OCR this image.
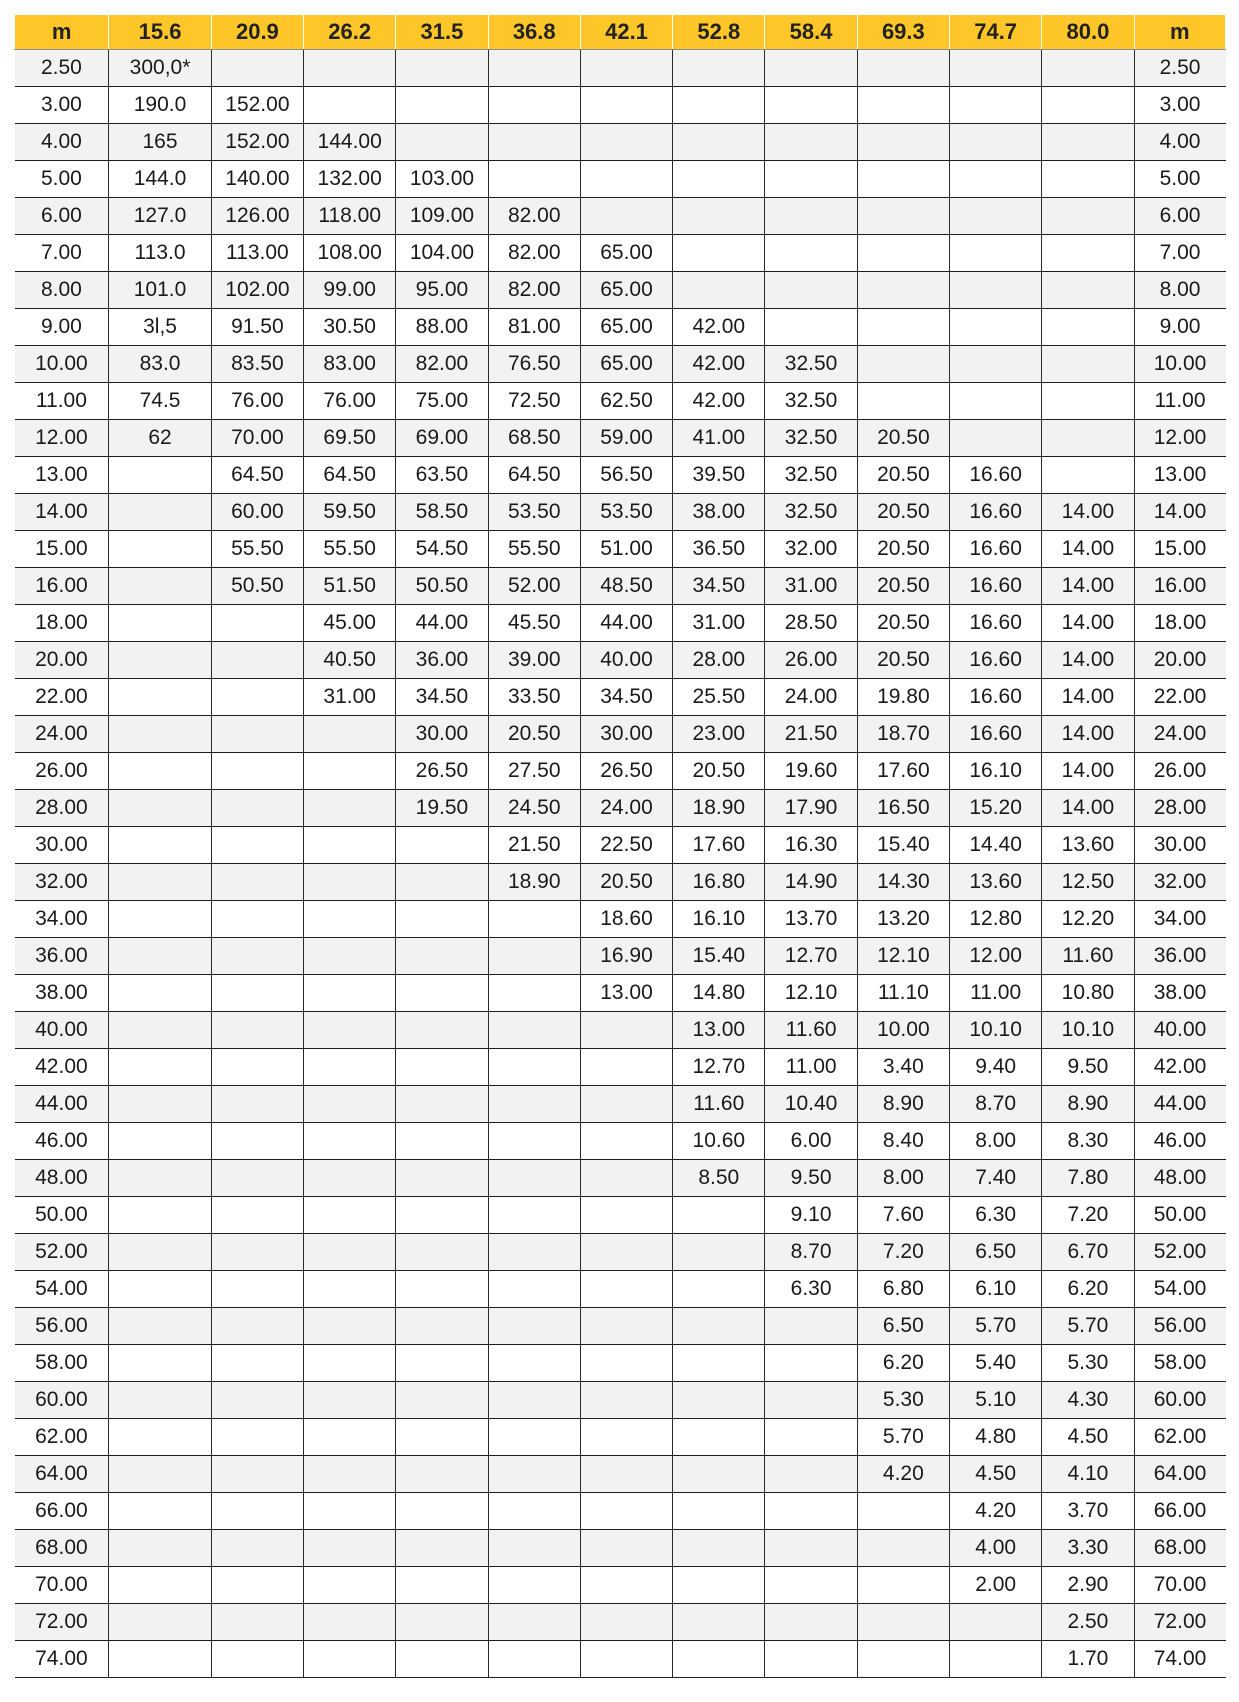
m	15.6	20.9	26.2	31.5	36.8	42.1	52.8	58.4	69.3	74.7	80.0	m
2.50	300,0*											2.50
3.00	190.0	152.00										3.00
4.00	165	152.00	144.00									4.00
5.00	144.0	140.00	132.00	103.00								5.00
6.00	127.0	126.00	118.00	109.00	82.00							6.00
7.00	113.0	113.00	108.00	104.00	82.00	65.00						7.00
8.00	101.0	102.00	99.00	95.00	82.00	65.00						8.00
9.00	3l,5	91.50	30.50	88.00	81.00	65.00	42.00					9.00
10.00	83.0	83.50	83.00	82.00	76.50	65.00	42.00	32.50				10.00
11.00	74.5	76.00	76.00	75.00	72.50	62.50	42.00	32.50				11.00
12.00	62	70.00	69.50	69.00	68.50	59.00	41.00	32.50	20.50			12.00
13.00		64.50	64.50	63.50	64.50	56.50	39.50	32.50	20.50	16.60		13.00
14.00		60.00	59.50	58.50	53.50	53.50	38.00	32.50	20.50	16.60	14.00	14.00
15.00		55.50	55.50	54.50	55.50	51.00	36.50	32.00	20.50	16.60	14.00	15.00
16.00		50.50	51.50	50.50	52.00	48.50	34.50	31.00	20.50	16.60	14.00	16.00
18.00			45.00	44.00	45.50	44.00	31.00	28.50	20.50	16.60	14.00	18.00
20.00			40.50	36.00	39.00	40.00	28.00	26.00	20.50	16.60	14.00	20.00
22.00			31.00	34.50	33.50	34.50	25.50	24.00	19.80	16.60	14.00	22.00
24.00				30.00	20.50	30.00	23.00	21.50	18.70	16.60	14.00	24.00
26.00				26.50	27.50	26.50	20.50	19.60	17.60	16.10	14.00	26.00
28.00				19.50	24.50	24.00	18.90	17.90	16.50	15.20	14.00	28.00
30.00					21.50	22.50	17.60	16.30	15.40	14.40	13.60	30.00
32.00					18.90	20.50	16.80	14.90	14.30	13.60	12.50	32.00
34.00						18.60	16.10	13.70	13.20	12.80	12.20	34.00
36.00						16.90	15.40	12.70	12.10	12.00	11.60	36.00
38.00						13.00	14.80	12.10	11.10	11.00	10.80	38.00
40.00							13.00	11.60	10.00	10.10	10.10	40.00
42.00							12.70	11.00	3.40	9.40	9.50	42.00
44.00							11.60	10.40	8.90	8.70	8.90	44.00
46.00							10.60	6.00	8.40	8.00	8.30	46.00
48.00							8.50	9.50	8.00	7.40	7.80	48.00
50.00								9.10	7.60	6.30	7.20	50.00
52.00								8.70	7.20	6.50	6.70	52.00
54.00								6.30	6.80	6.10	6.20	54.00
56.00									6.50	5.70	5.70	56.00
58.00									6.20	5.40	5.30	58.00
60.00									5.30	5.10	4.30	60.00
62.00									5.70	4.80	4.50	62.00
64.00									4.20	4.50	4.10	64.00
66.00										4.20	3.70	66.00
68.00										4.00	3.30	68.00
70.00										2.00	2.90	70.00
72.00											2.50	72.00
74.00											1.70	74.00
